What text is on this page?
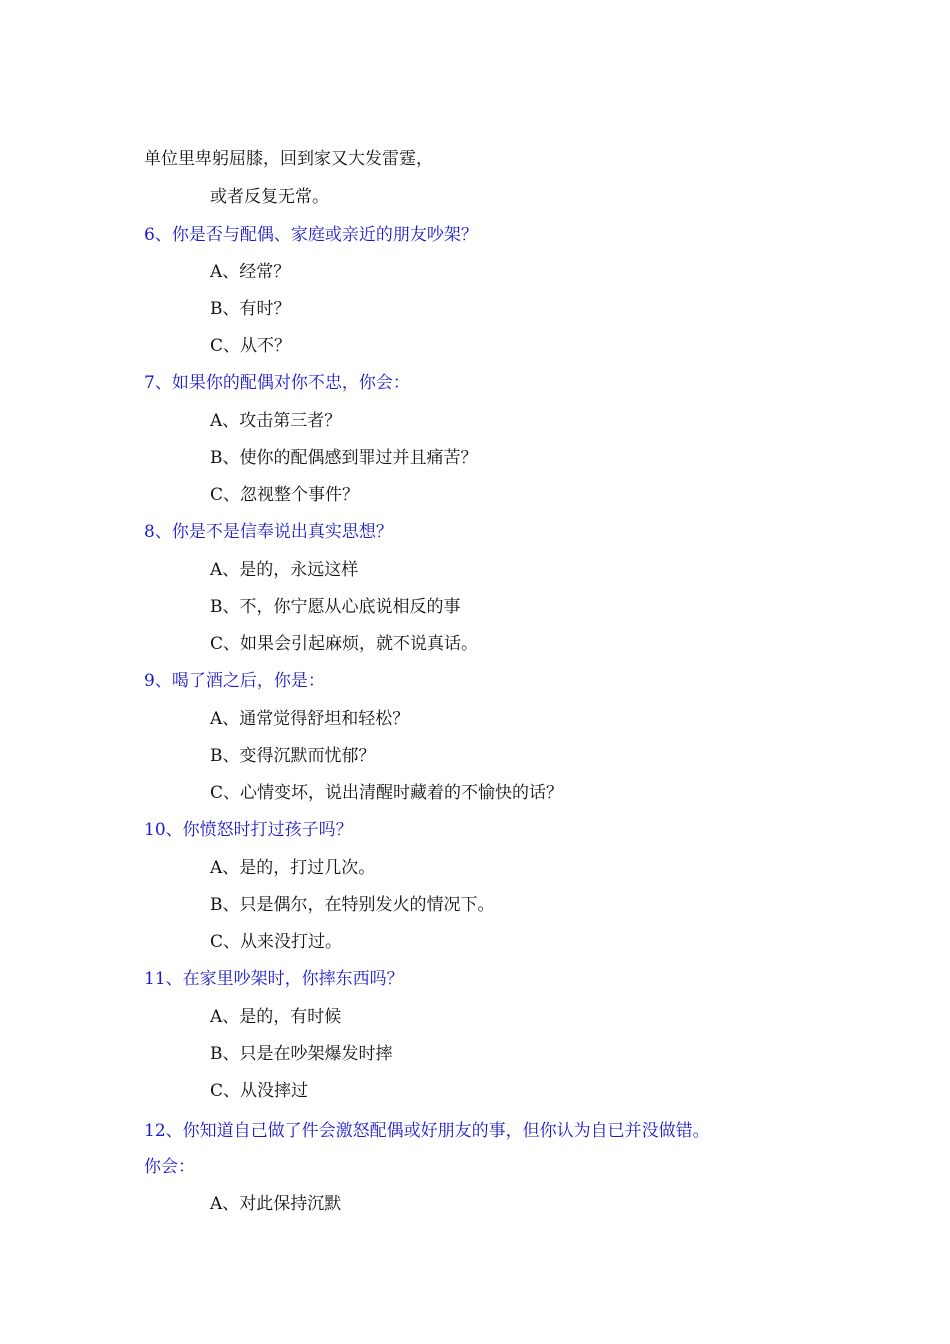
单位里卑躬屈膝，回到家又大发雷霆，
或者反复无常。
6、你是否与配偶、家庭或亲近的朋友吵架？
A、经常？
B、有时？
C、从不？
7、如果你的配偶对你不忠，你会：
A、攻击第三者？
B、使你的配偶感到罪过并且痛苦？
C、忽视整个事件？
8、你是不是信奉说出真实思想？
A、是的，永远这样
B、不，你宁愿从心底说相反的事
C、如果会引起麻烦，就不说真话。
9、喝了酒之后，你是：
A、通常觉得舒坦和轻松？
B、变得沉默而忧郁？
C、心情变坏，说出清醒时藏着的不愉快的话？
10、你愤怒时打过孩子吗？
A、是的，打过几次。
B、只是偶尔，在特别发火的情况下。
C、从来没打过。
11、在家里吵架时，你摔东西吗？
A、是的，有时候
B、只是在吵架爆发时摔
C、从没摔过
12、你知道自己做了件会激怒配偶或好朋友的事，但你认为自已并没做错。
你会：
A、对此保持沉默
